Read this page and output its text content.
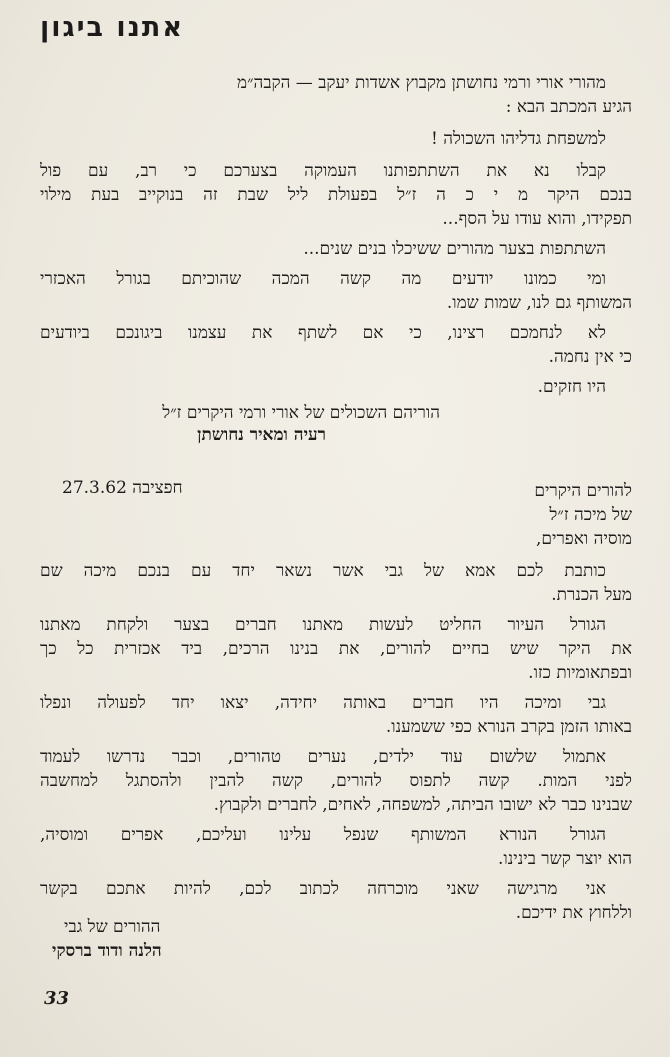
אתנו ביגון
מהורי אורי ורמי נחושתן מקבוץ אשדות יעקב — הקבה״מ
הגיע המכתב הבא :
למשפחת גדליהו השכולה !
קבלו נא את השתתפותנו העמוקה בצערכם כי רב, עם פול
בנכם היקר מ י כ ה ז״ל בפעולת ליל שבת זה בנוקייב בעת מילוי
תפקידו, והוא עודו על הסף...
השתתפות בצער מהורים ששיכלו בנים שנים...
ומי כמונו יודעים מה קשה המכה שהוכיתם בגורל האכזרי
המשותף גם לנו, שמות שמו.
לא לנחמכם רצינו, כי אם לשתף את עצמנו ביגונכם ביודעים
כי אין נחמה.
היו חזקים.
הוריהם השכולים של אורי ורמי היקרים ז״ל
רעיה ומאיר נחושתן
חפציבה 27.3.62	להורים היקרים
של מיכה ז״ל
מוסיה ואפרים,
כותבת לכם אמא של גבי אשר נשאר יחד עם בנכם מיכה שם
מעל הכנרת.
הגורל העיור החליט לעשות מאתנו חברים בצער ולקחת מאתנו
את היקר שיש בחיים להורים, את בנינו הרכים, ביד אכזרית כל כך
ובפתאומיות כזו.
גבי ומיכה היו חברים באותה יחידה, יצאו יחד לפעולה ונפלו
באותו הזמן בקרב הנורא כפי ששמענו.
אתמול שלשום עוד ילדים, נערים טהורים, וכבר נדרשו לעמוד
לפני המות. קשה לתפוס להורים, קשה להבין ולהסתגל למחשבה
שבנינו כבר לא ישובו הביתה, למשפחה, לאחים, לחברים ולקבוץ.
הגורל הנורא המשותף שנפל עלינו ועליכם, אפרים ומוסיה,
הוא יוצר קשר בינינו.
אני מרגישה שאני מוכרחה לכתוב לכם, להיות אתכם בקשר
וללחוץ את ידיכם.
ההורים של גבי
הלנה ודוד ברסקי
33
